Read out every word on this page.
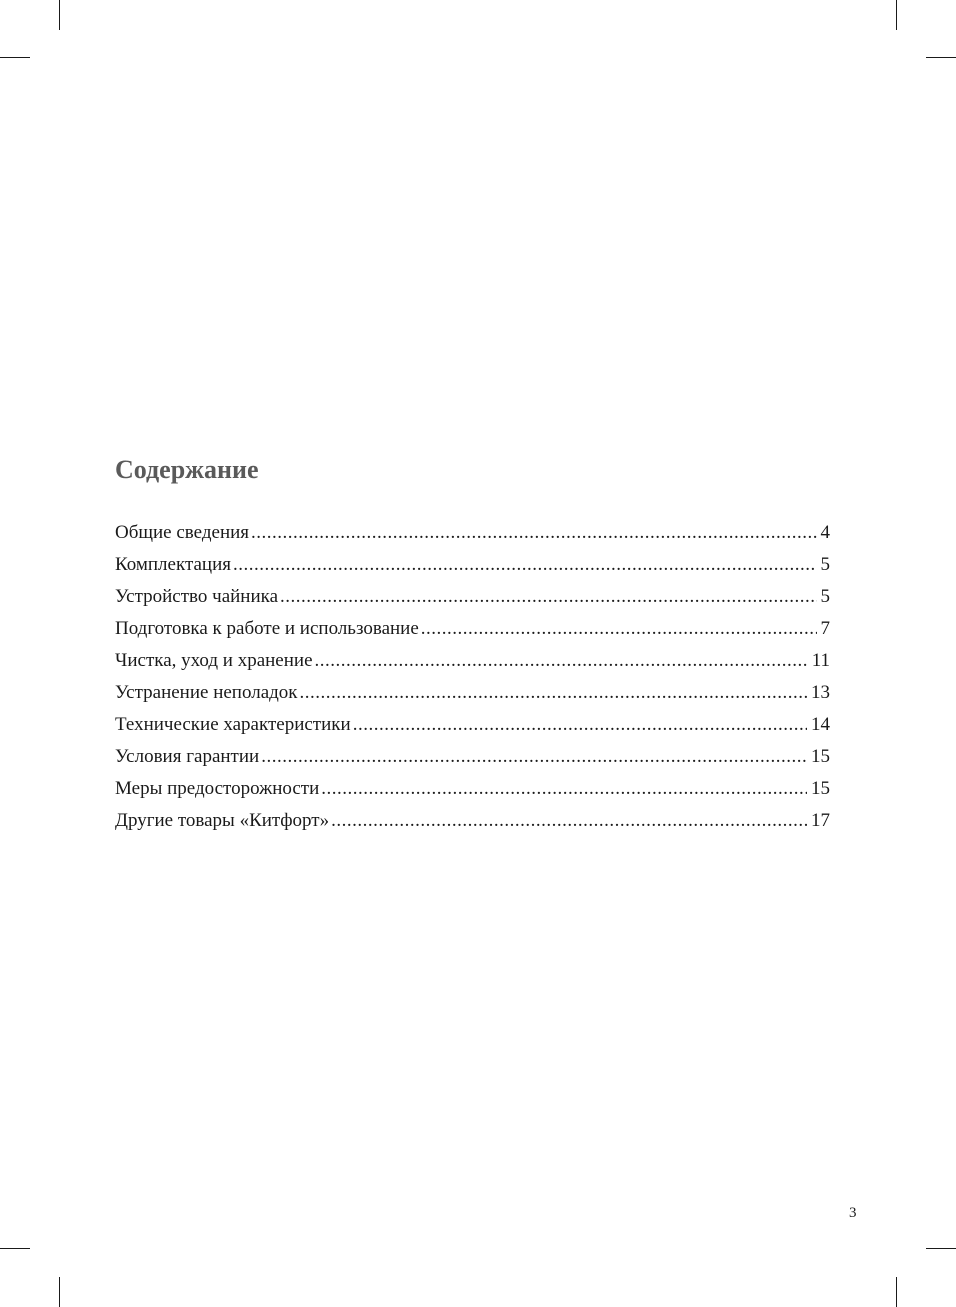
Содержание
Общие сведения .....	4
Комплектация .....	5
Устройство чайника .....	5
Подготовка к работе и использование .....	7
Чистка, уход и хранение .....	11
Устранение неполадок .....	13
Технические характеристики .....	14
Условия гарантии .....	15
Меры предосторожности .....	15
Другие товары «Китфорт» .....	17
3
